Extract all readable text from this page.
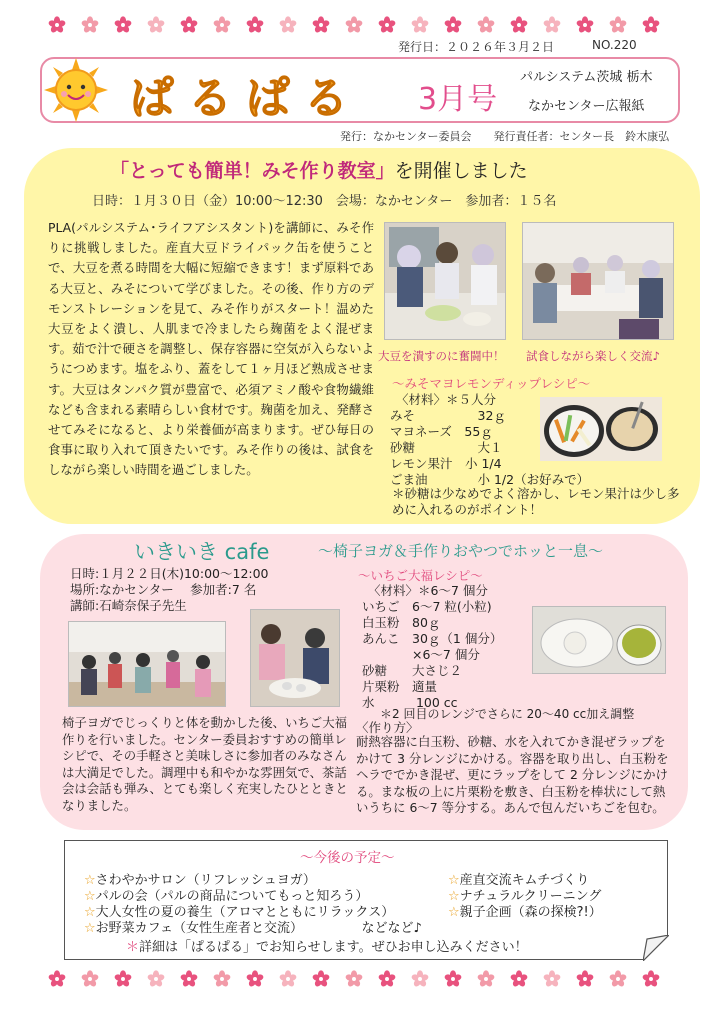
発行日：２０２６年３月２日	NO.220
ぱるぱる 3月号
パルシステム茨城 栃木
なかセンター広報紙
発行：なかセンター委員会　　発行責任者：センター長　鈴木康弘
「とっても簡単！みそ作り教室」を開催しました
日時：１月３０日（金）10:00～12:30　会場：なかセンター　参加者：１５名
PLA(パルシステム･ライフアシスタント)を講師に、みそ作りに挑戦しました。産直大豆ドライパック缶を使うことで、大豆を煮る時間を大幅に短縮できます！まず原料である大豆と、みそについて学びました。その後、作り方のデモンストレーションを見て、みそ作りがスタート！温めた大豆をよく潰し、人肌まで冷ましたら麹菌をよく混ぜます。茹で汁で硬さを調整し、保存容器に空気が入らないようにつめます。塩をふり、蓋をして１ヶ月ほど熟成させます。大豆はタンパク質が豊富で、必須アミノ酸や食物繊維なども含まれる素晴らしい食材です。麹菌を加え、発酵させてみそになると、より栄養価が高まります。ぜひ毎日の食事に取り入れて頂きたいです。みそ作りの後は、試食をしながら楽しい時間を過ごしました。
大豆を潰すのに奮闘中！ 試食しながら楽しく交流♪
～みそマヨレモンディップレシピ～
〈材料〉＊５人分
みそ　　　　　32ｇ
マヨネーズ　55ｇ
砂糖　　　　　大１
レモン果汁　小 1/4
ごま油　　　　小 1/2（お好みで）
＊砂糖は少なめでよく溶かし、レモン果汁は少し多めに入れるのがポイント！
いきいき cafe	～椅子ヨガ＆手作りおやつでホッと一息～
日時:１月２２日(木)10:00～12:00
場所:なかセンター　 参加者:7 名
講師:石崎奈保子先生
椅子ヨガでじっくりと体を動かした後、いちご大福作りを行いました。センター委員おすすめの簡単レシピで、その手軽さと美味しさに参加者のみなさんは大満足でした。調理中も和やかな雰囲気で、茶話会は会話も弾み、とても楽しく充実したひとときとなりました。
～いちご大福レシピ～
〈材料〉＊6～7 個分
いちご　6～7 粒(小粒)
白玉粉　80ｇ
あんこ　30ｇ（1 個分）
　　　　×6～7 個分
砂糖　　大さじ２
片栗粉　適量
水　　　 100 cc
＊2 回目のレンジでさらに 20～40 cc加え調整
〈作り方〉
耐熱容器に白玉粉、砂糖、水を入れてかき混ぜラップをかけて 3 分レンジにかける。容器を取り出し、白玉粉をヘラででかき混ぜ、更にラップをして 2 分レンジにかける。まな板の上に片栗粉を敷き、白玉粉を棒状にして熱いうちに 6～7 等分する。あんで包んだいちごを包む。
～今後の予定～
☆さわやかサロン（リフレッシュヨガ）
☆パルの会（パルの商品についてもっと知ろう）
☆大人女性の夏の養生（アロマとともにリラックス）
☆お野菜カフェ（女性生産者と交流）　　　　　などなど♪
☆産直交流キムチづくり
☆ナチュラルクリーニング
☆親子企画（森の探検?!）
＊詳細は「ぱるぱる」でお知らせします。ぜひお申し込みください！
